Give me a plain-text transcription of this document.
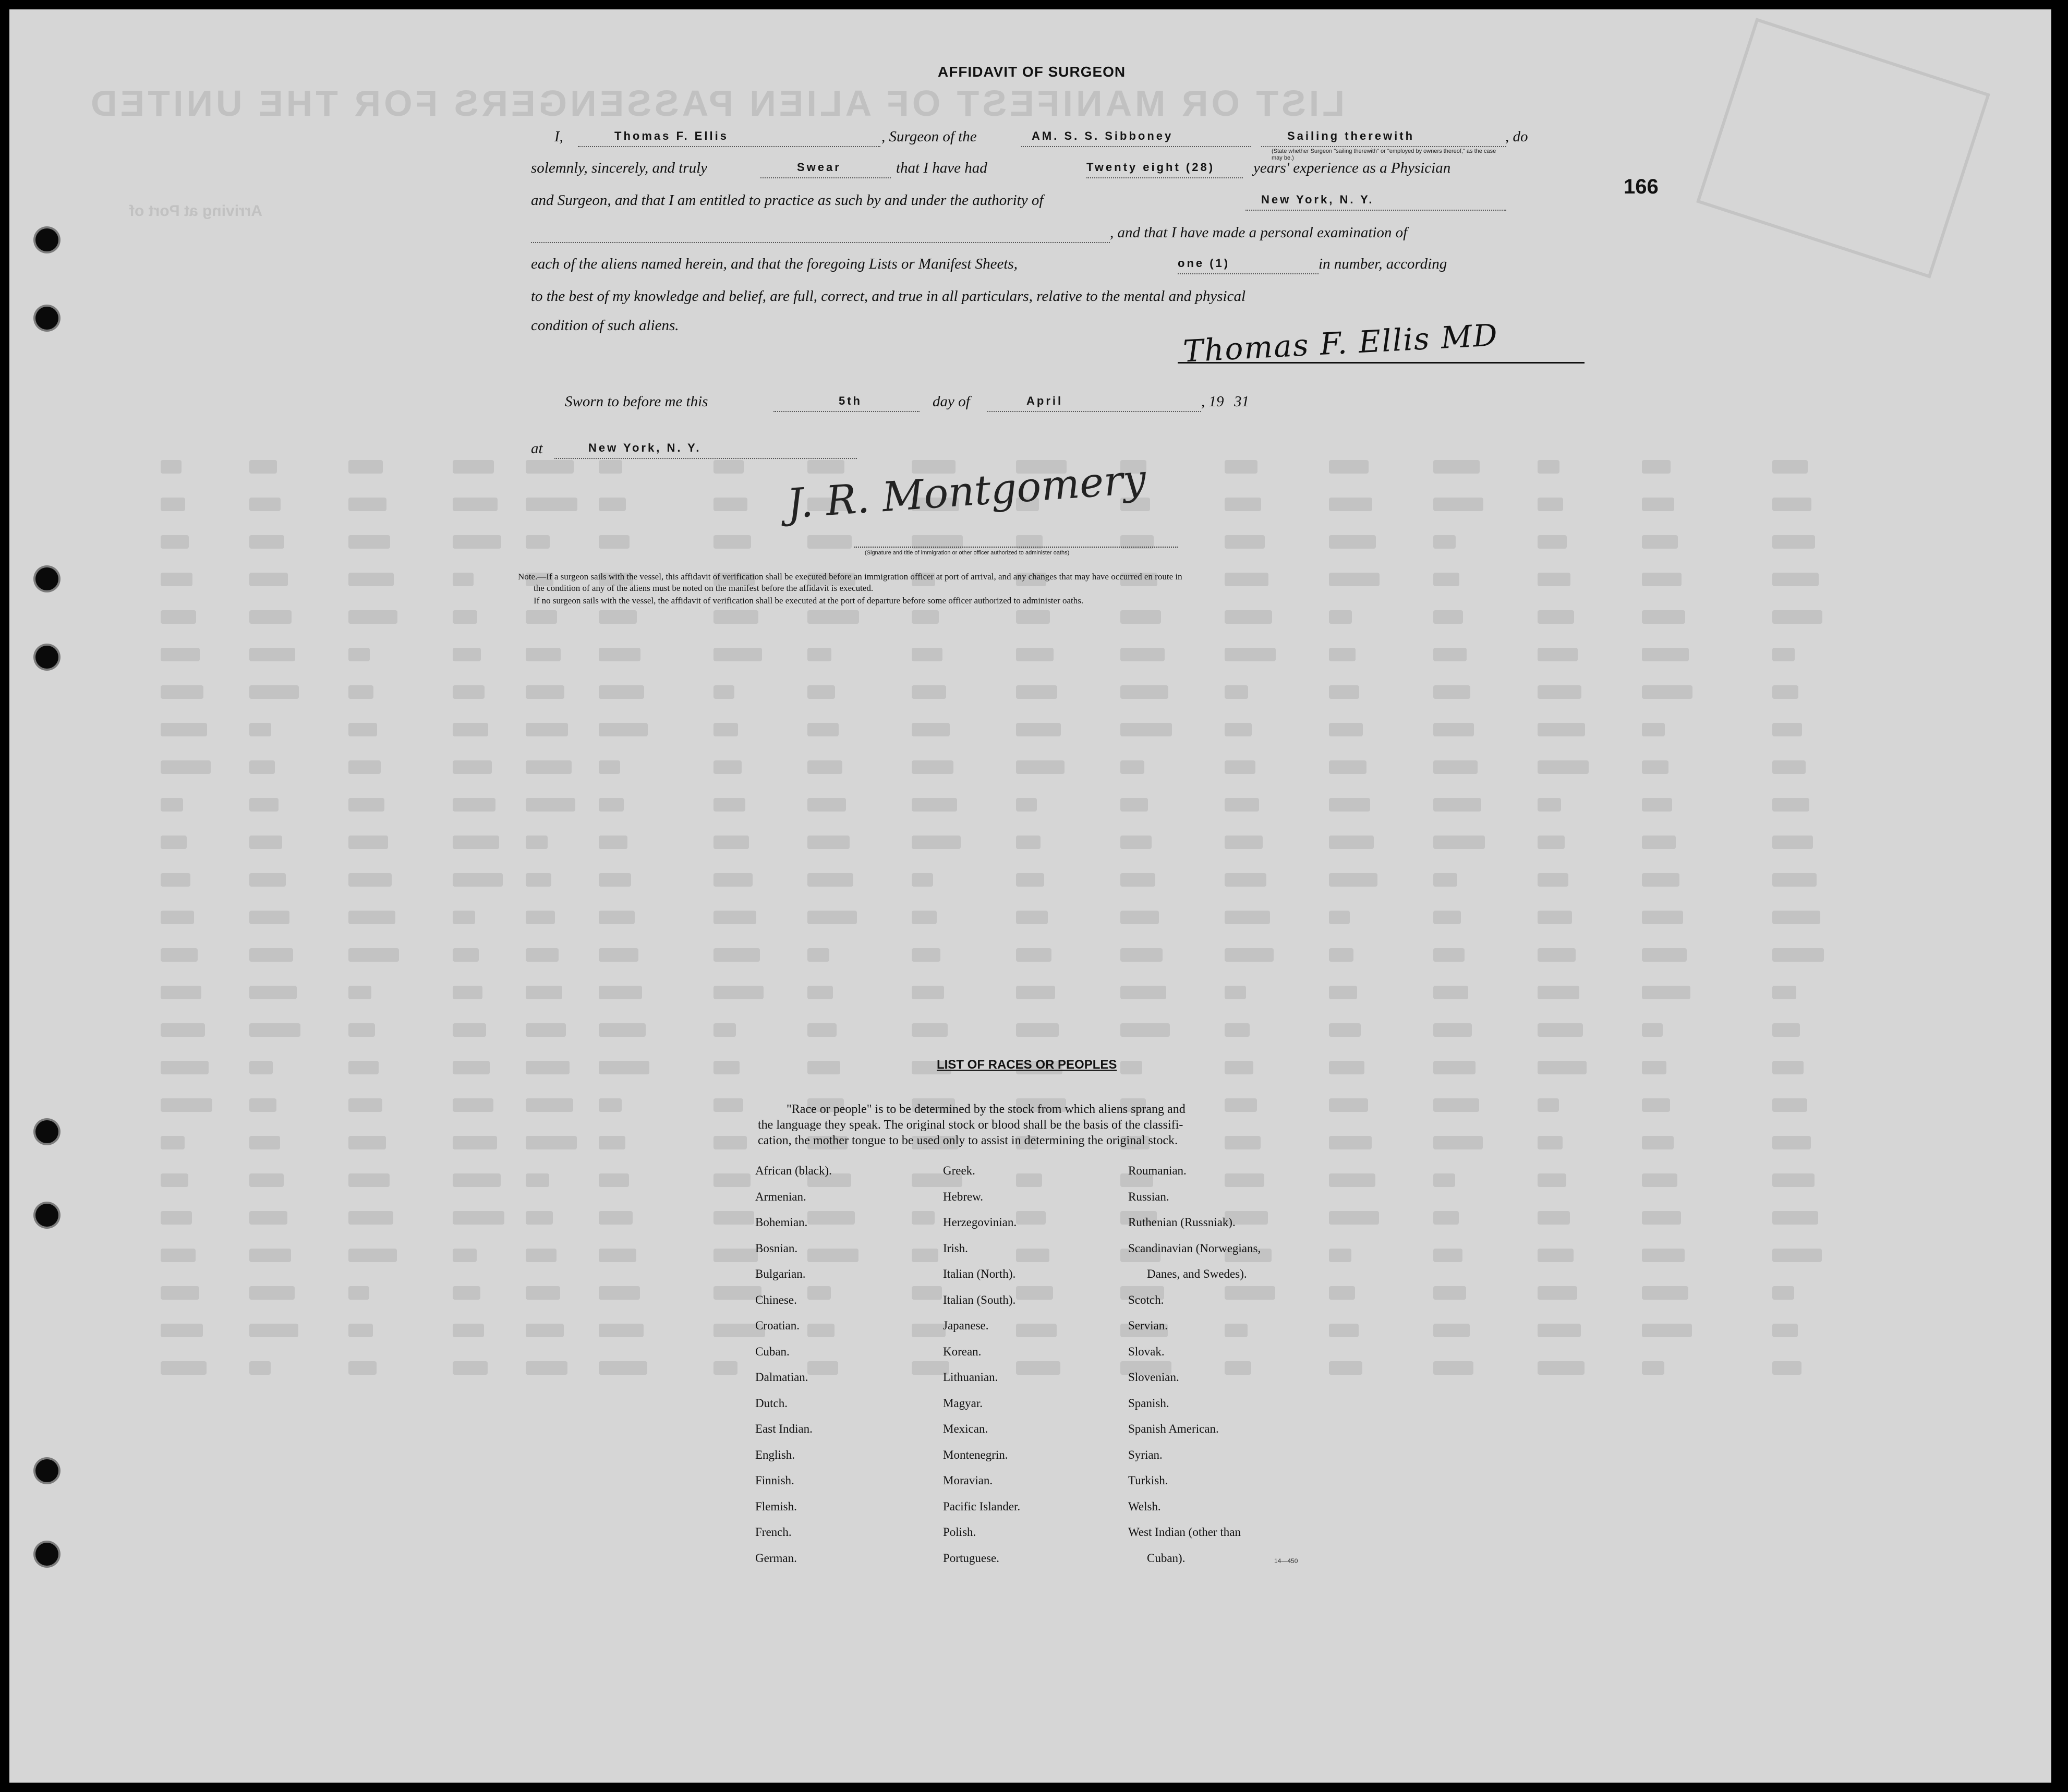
LIST OR MANIFEST OF ALIEN PASSENGERS FOR THE UNITED
Arriving at Port of
AFFIDAVIT OF SURGEON
166
I,	Thomas F. Ellis	, Surgeon of the	AM. S. S. Sibboney	Sailing therewith	, do
(State whether Surgeon "sailing therewith" or "employed by owners thereof," as the case may be.)
solemnly, sincerely, and truly	Swear	that I have had	Twenty eight (28)	years' experience as a Physician
and Surgeon, and that I am entitled to practice as such by and under the authority of	New York, N. Y.
, and that I have made a personal examination of
each of the aliens named herein, and that the foregoing Lists or Manifest Sheets,	one (1)	in number, according
to the best of my knowledge and belief, are full, correct, and true in all particulars, relative to the mental and physical
condition of such aliens.	Thomas F. Ellis MD
Sworn to before me this	5th	day of	April	, 19 31
at	New York, N. Y.
J. R. Montgomery
(Signature and title of immigration or other officer authorized to administer oaths)
Note.—If a surgeon sails with the vessel, this affidavit of verification shall be executed before an immigration officer at port of arrival, and any changes that may have occurred en route in
the condition of any of the aliens must be noted on the manifest before the affidavit is executed.
If no surgeon sails with the vessel, the affidavit of verification shall be executed at the port of departure before some officer authorized to administer oaths.
LIST OF RACES OR PEOPLES
"Race or people" is to be determined by the stock from which aliens sprang and
the language they speak. The original stock or blood shall be the basis of the classifi-
cation, the mother tongue to be used only to assist in determining the original stock.
African (black).
Armenian.
Bohemian.
Bosnian.
Bulgarian.
Chinese.
Croatian.
Cuban.
Dalmatian.
Dutch.
East Indian.
English.
Finnish.
Flemish.
French.
German.
Greek.
Hebrew.
Herzegovinian.
Irish.
Italian (North).
Italian (South).
Japanese.
Korean.
Lithuanian.
Magyar.
Mexican.
Montenegrin.
Moravian.
Pacific Islander.
Polish.
Portuguese.
Roumanian.
Russian.
Ruthenian (Russniak).
Scandinavian (Norwegians,
Danes, and Swedes).
Scotch.
Servian.
Slovak.
Slovenian.
Spanish.
Spanish American.
Syrian.
Turkish.
Welsh.
West Indian (other than
Cuban).	14—450
